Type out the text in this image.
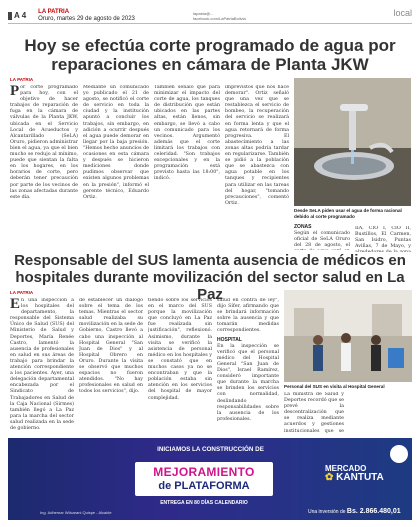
A 4 LA PATRIA
Oruro, martes 29 de agosto de 2023
lapatria@...
facebook.com/LaPatriaBolivia
local
Hoy se efectúa corte programado de agua por reparaciones en cámara de Planta JKW
LA PATRIA
Por corte programado para hoy, con el objetivo de hacer trabajos de reparación de fuga en la cámara de válvulas de la Planta JKW, ubicada en el Servicio Local de Acueductos y Alcantarillado (SeLA) Oruro, pidieron administrar bien el agua, ya que el bien mucho se redujo al mínimo, puede que sientan la falta en los hogares, en los horarios de corte, pero deberán tener precaución por parte de los vecinos de las zonas afectadas durante este día.
Mediante un comunicado yo publicado el 21 de agosto, se notificó el corte de servicio en toda la ciudad y la institución apuntó a concluir los trabajos, sin embargo, en adición a ocurrir después el agua puede demorar en llegar por la baja presión. "Hemos hecho anuncios de ocasiones en esta cámara y después se hicieron mediciones donde pudimos observar que existen algunos problemas en la presión", informó el gerente técnico, Eduardo Ortiz.
También señaló que para minimizar el impacto del corte de agua, los tanques de distribución que están ubicados en las partes altas, están llenos, sin embargo, se llevó a cabo un comunicado para los vecinos. Argumentó además que el corte limitará los trabajos con celeridad. "Son trabajos excepcionales y en la programación está previsto hasta las 18:00", indicó.
imprevistos que nos hace demorar". Ortiz señaló que una vez que se restablezca el servicio de bombeo, la recuperación del servicio se realizará en forma lenta y que el agua retornará de forma progresiva. El abastecimiento a las zonas altas podría tardar en regularizarse. También se pidió a la población que se abastezca con agua potable en los tanques y recipientes para utilizar en las tareas del hogar, "tomando precauciones", comentó Ortiz.
Desde SeLA piden usar el agua de forma racional debido al corte programado
ZONAS
Según el comunicado oficial de SeLA Oruro del 28 de agosto, el
IIA, CIO I, CIO II, Bustillos, El Carmen, San Isidro, Puntas Aviñas, 7 de Mayo, y
Responsable del SUS lamenta ausencia de médicos en hospitales durante movilización del sector salud en La Paz
LA PATRIA
En una inspección a los hospitales del departamento, la responsable del Sistema Único de Salud (SUS) del Ministerio de Salud y Deportes, María Renée Castro, lamentó la ausencia de profesionales en salud en sus áreas de trabajo para brindar la atención correspondiente a los pacientes. Ayer, una delegación departamental encabezada por el Sindicato de Trabajadores en Salud de la Caja Nacional (Sirmes) también llegó a La Paz para la marcha del sector salud realizada en la sede de gobierno.
de establecer un diálogo sobre el tema de los temas. Mientras el sector salud realizaba su movilización en la sede de Gobierno, Castro llevó a cabo una inspección al Hospital General "San Juan de Dios" y al Hospital Obrero en Oruro. Durante la visita se observó que muchos espacios no fueron atendidos. "No hay profesionales en salud en todos los servicios", dijo.
tiendo sobre los servicios en el marco del SUS porque la movilización que concluyó en La Paz fue realizada sin justificación", reflexionó. Asimismo, durante la visita se verificó la asistencia de personal médico en los hospitales y se constató que en muchos casos ya no se encontraban y que la población estaba sin atención en los servicios del hospital de mayor complejidad.
salud en contra de ley", dijo Sífer, afirmando que se brindará información sobre la ausencia y que tomarán medidas correspondientes.
HOSPITAL
En la inspección se verificó que el personal médico del Hospital General "San Juan de Dios", Israel Ramírez, consideró importante que durante la marcha se brinden los servicios con normalidad, deslindando responsabilidades sobre la ausencia de los profesionales.
Personal del SUS en visita al Hospital General
La ministra de Salud y Deportes recordó que se prevé la descentralización que se realiza mediante acuerdos y gestiones institucionales que se
INICIAMOS LA CONSTRUCCIÓN DE
MEJORAMIENTO
de PLATAFORMA
ENTREGA EN 80 DÍAS CALENDARIO
MERCADO
✿ KANTUTA
Una inversión de Bs. 2.866.480,01
Ing. Adhemar Wilcarani Quispe - Alcalde
